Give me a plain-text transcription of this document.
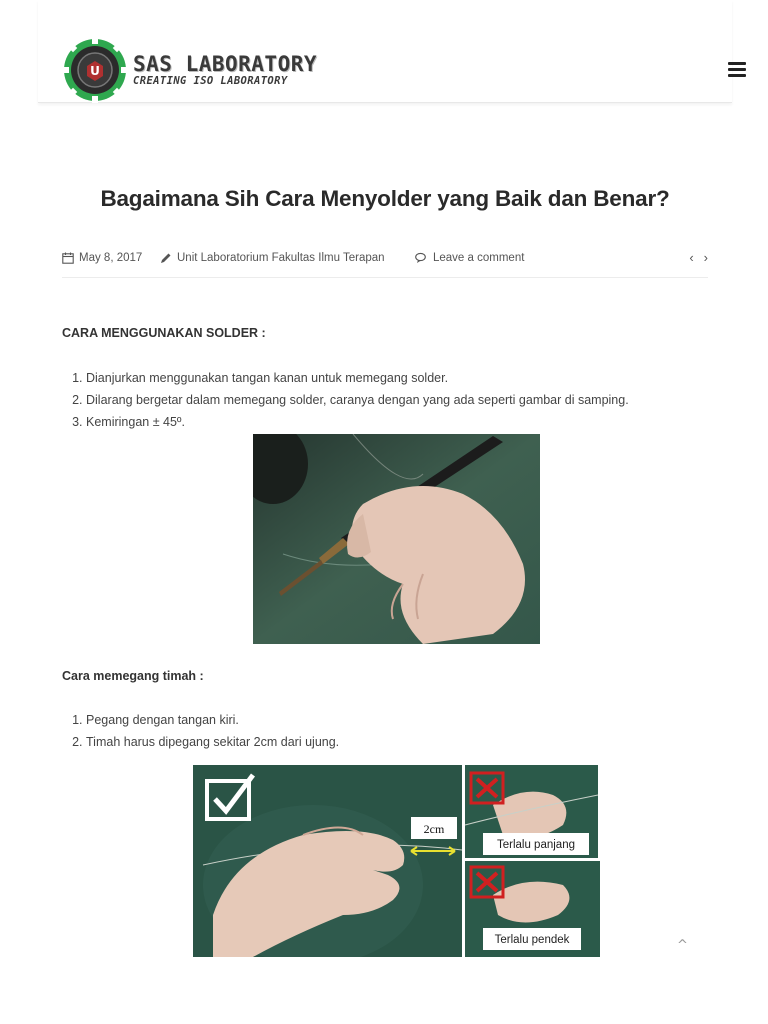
U SAS LABORATORY
CREATING ISO LABORATORY
Bagaimana Sih Cara Menyolder yang Baik dan Benar?
May 8, 2017	Unit Laboratorium Fakultas Ilmu Terapan	Leave a comment	‹ ›
CARA MENGGUNAKAN SOLDER :
1. Dianjurkan menggunakan tangan kanan untuk memegang solder.
2. Dilarang bergetar dalam memegang solder, caranya dengan yang ada seperti gambar di samping.
3. Kemiringan ± 45º.
Cara memegang timah :
1. Pegang dengan tangan kiri.
2. Timah harus dipegang sekitar 2cm dari ujung.
2cm
Terlalu panjang
Terlalu pendek	^
